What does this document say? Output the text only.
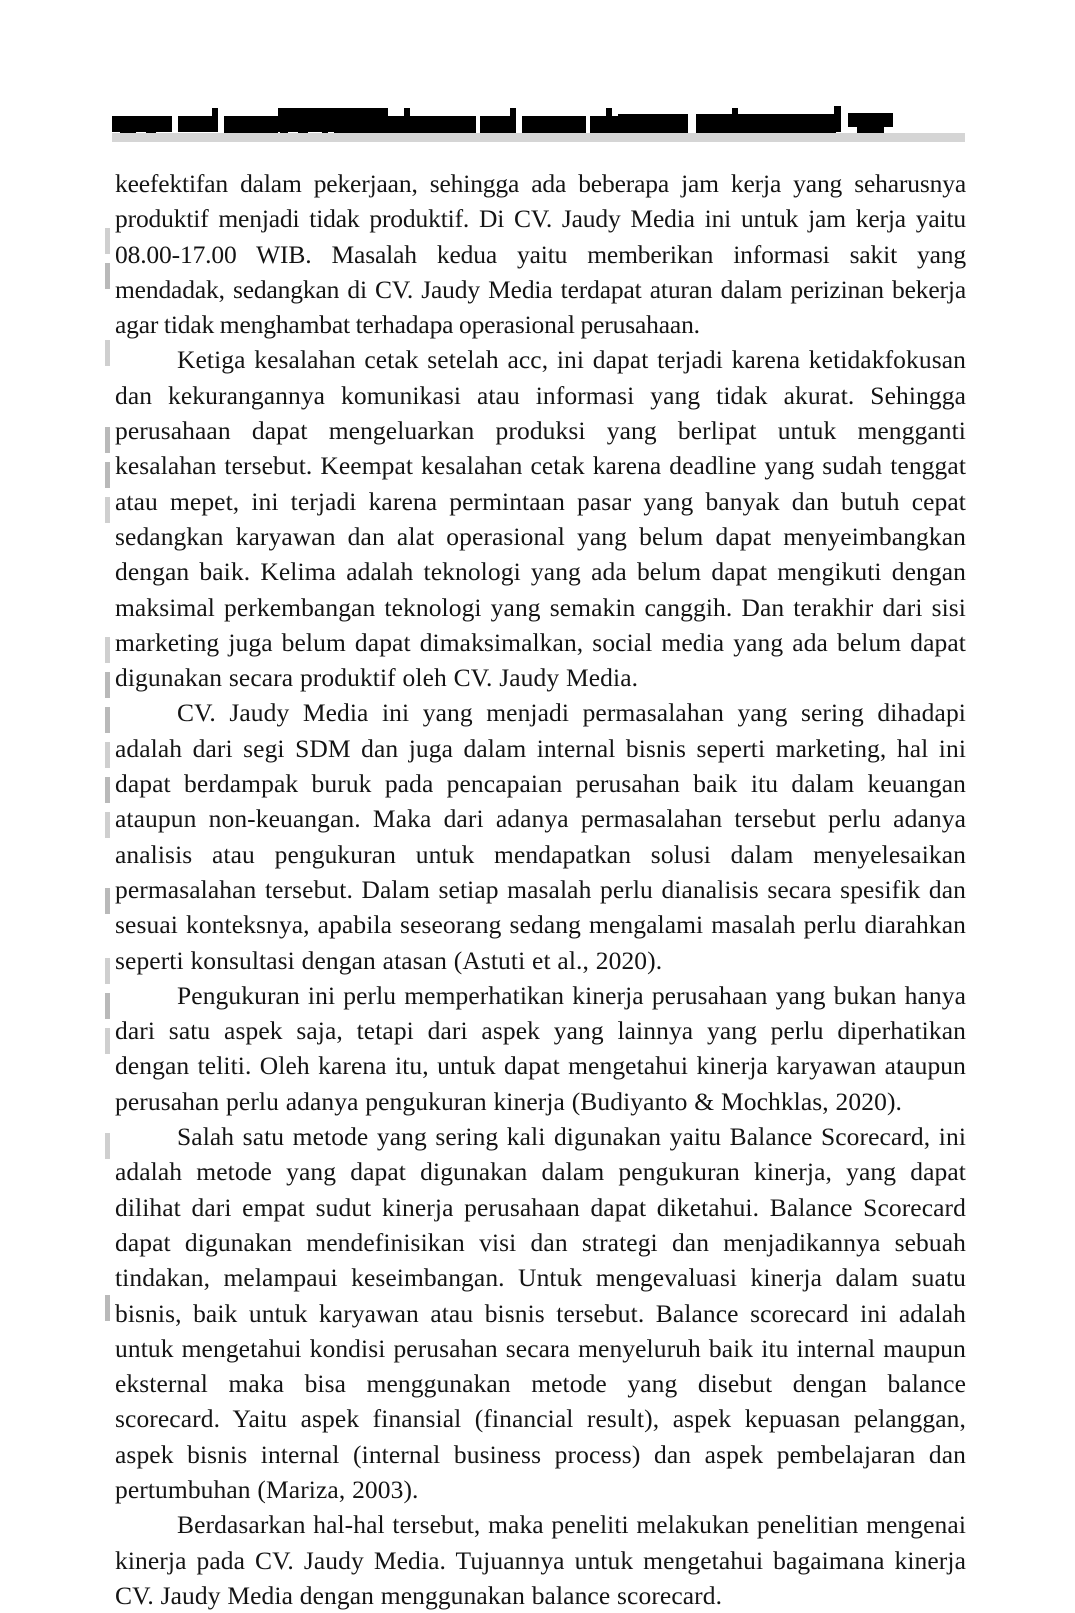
keefektifan dalam pekerjaan, sehingga ada beberapa jam kerja yang seharusnya produktif menjadi tidak produktif. Di CV. Jaudy Media ini untuk jam kerja yaitu 08.00-17.00 WIB. Masalah kedua yaitu memberikan informasi sakit yang mendadak, sedangkan di CV. Jaudy Media terdapat aturan dalam perizinan bekerja agar tidak menghambat terhadapa operasional perusahaan.

Ketiga kesalahan cetak setelah acc, ini dapat terjadi karena ketidakfokusan dan kekurangannya komunikasi atau informasi yang tidak akurat. Sehingga perusahaan dapat mengeluarkan produksi yang berlipat untuk mengganti kesalahan tersebut. Keempat kesalahan cetak karena deadline yang sudah tenggat atau mepet, ini terjadi karena permintaan pasar yang banyak dan butuh cepat sedangkan karyawan dan alat operasional yang belum dapat menyeimbangkan dengan baik. Kelima adalah teknologi yang ada belum dapat mengikuti dengan maksimal perkembangan teknologi yang semakin canggih. Dan terakhir dari sisi marketing juga belum dapat dimaksimalkan, social media yang ada belum dapat digunakan secara produktif oleh CV. Jaudy Media.

CV. Jaudy Media ini yang menjadi permasalahan yang sering dihadapi adalah dari segi SDM dan juga dalam internal bisnis seperti marketing, hal ini dapat berdampak buruk pada pencapaian perusahan baik itu dalam keuangan ataupun non-keuangan. Maka dari adanya permasalahan tersebut perlu adanya analisis atau pengukuran untuk mendapatkan solusi dalam menyelesaikan permasalahan tersebut. Dalam setiap masalah perlu dianalisis secara spesifik dan sesuai konteksnya, apabila seseorang sedang mengalami masalah perlu diarahkan seperti konsultasi dengan atasan (Astuti et al., 2020).

Pengukuran ini perlu memperhatikan kinerja perusahaan yang bukan hanya dari satu aspek saja, tetapi dari aspek yang lainnya yang perlu diperhatikan dengan teliti. Oleh karena itu, untuk dapat mengetahui kinerja karyawan ataupun perusahan perlu adanya pengukuran kinerja (Budiyanto & Mochklas, 2020).

Salah satu metode yang sering kali digunakan yaitu Balance Scorecard, ini adalah metode yang dapat digunakan dalam pengukuran kinerja, yang dapat dilihat dari empat sudut kinerja perusahaan dapat diketahui. Balance Scorecard dapat digunakan mendefinisikan visi dan strategi dan menjadikannya sebuah tindakan, melampaui keseimbangan. Untuk mengevaluasi kinerja dalam suatu bisnis, baik untuk karyawan atau bisnis tersebut. Balance scorecard ini adalah untuk mengetahui kondisi perusahan secara menyeluruh baik itu internal maupun eksternal maka bisa menggunakan metode yang disebut dengan balance scorecard. Yaitu aspek finansial (financial result), aspek kepuasan pelanggan, aspek bisnis internal (internal business process) dan aspek pembelajaran dan pertumbuhan (Mariza, 2003).

Berdasarkan hal-hal tersebut, maka peneliti melakukan penelitian mengenai kinerja pada CV. Jaudy Media. Tujuannya untuk mengetahui bagaimana kinerja CV. Jaudy Media dengan menggunakan balance scorecard.
